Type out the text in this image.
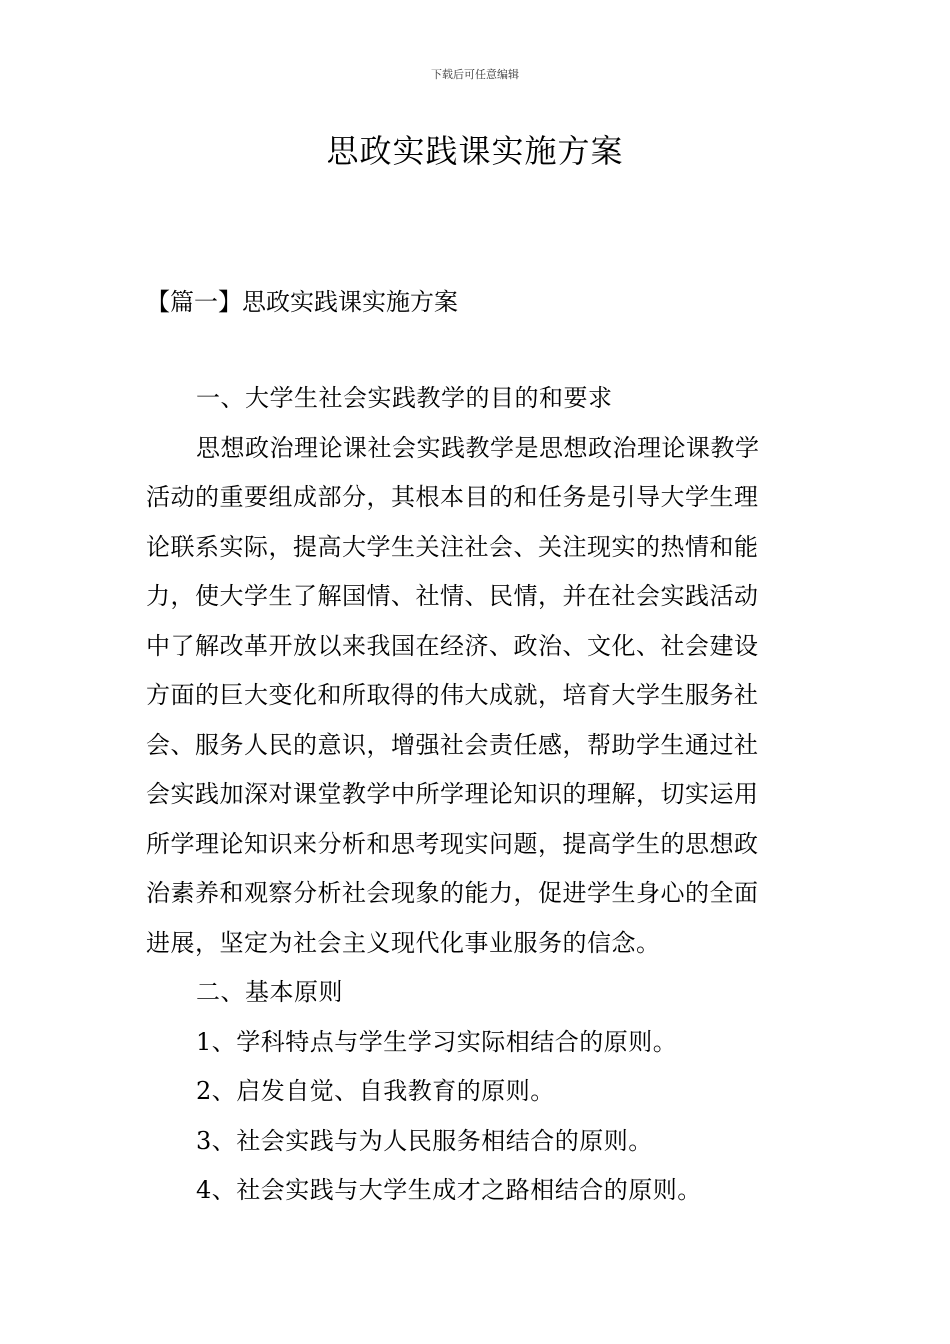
下载后可任意编辑
思政实践课实施方案
【篇一】思政实践课实施方案
一、大学生社会实践教学的目的和要求
思想政治理论课社会实践教学是思想政治理论课教学
活动的重要组成部分，其根本目的和任务是引导大学生理
论联系实际，提高大学生关注社会、关注现实的热情和能
力，使大学生了解国情、社情、民情，并在社会实践活动
中了解改革开放以来我国在经济、政治、文化、社会建设
方面的巨大变化和所取得的伟大成就，培育大学生服务社
会、服务人民的意识，增强社会责任感，帮助学生通过社
会实践加深对课堂教学中所学理论知识的理解，切实运用
所学理论知识来分析和思考现实问题，提高学生的思想政
治素养和观察分析社会现象的能力，促进学生身心的全面
进展，坚定为社会主义现代化事业服务的信念。
二、基本原则
1、学科特点与学生学习实际相结合的原则。
2、启发自觉、自我教育的原则。
3、社会实践与为人民服务相结合的原则。
4、社会实践与大学生成才之路相结合的原则。
